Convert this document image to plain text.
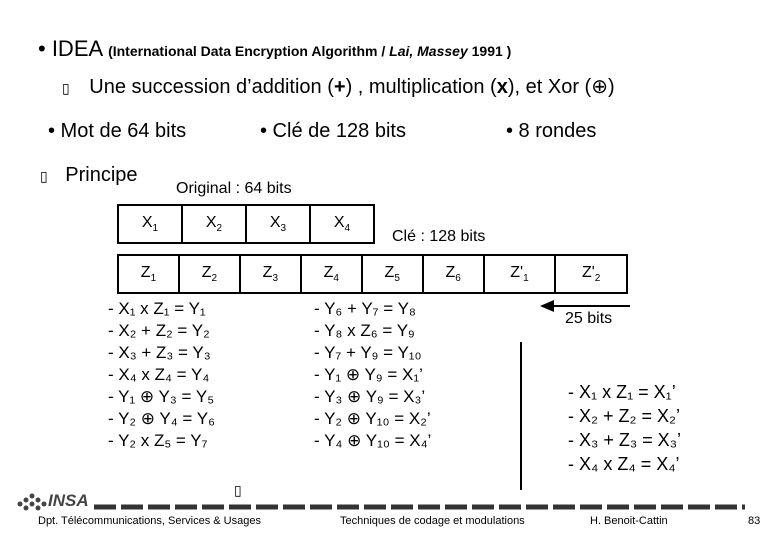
• IDEA (International Data Encryption Algorithm / Lai, Massey 1991 )
▯ Une succession d’addition (+) , multiplication (x), et Xor (⊕)
• Mot de 64 bits	• Clé de 128 bits	• 8 rondes
▯ Principe
Original : 64 bits
$X_1$	$X_2$	$X_3$	$X_4$	Clé : 128 bits
$Z_1$	$Z_2$	$Z_3$	$Z_4$	$Z_5$	$Z_6$	$Z'_1$	$Z'_2$
25 bits
- X₁ x Z₁ = Y₁
- X₂ + Z₂ = Y₂
- X₃ + Z₃ = Y₃
- X₄ x Z₄ = Y₄
- Y₁ ⊕ Y₃ = Y₅
- Y₂ ⊕ Y₄ = Y₆
- Y₂ x Z₅ = Y₇
- Y₆ + Y₇ = Y₈
- Y₈ x Z₆ = Y₉
- Y₇ + Y₉ = Y₁₀
- Y₁ ⊕ Y₉ = X₁’
- Y₃ ⊕ Y₉ = X₃’
- Y₂ ⊕ Y₁₀ = X₂’
- Y₄ ⊕ Y₁₀ = X₄’
- X₁ x Z₁ = X₁’
- X₂ + Z₂ = X₂’
- X₃ + Z₃ = X₃’
- X₄ x Z₄ = X₄’
▯
INSA
Dpt. Télécommunications, Services & Usages	Techniques de codage et modulations	H. Benoit-Cattin	83
